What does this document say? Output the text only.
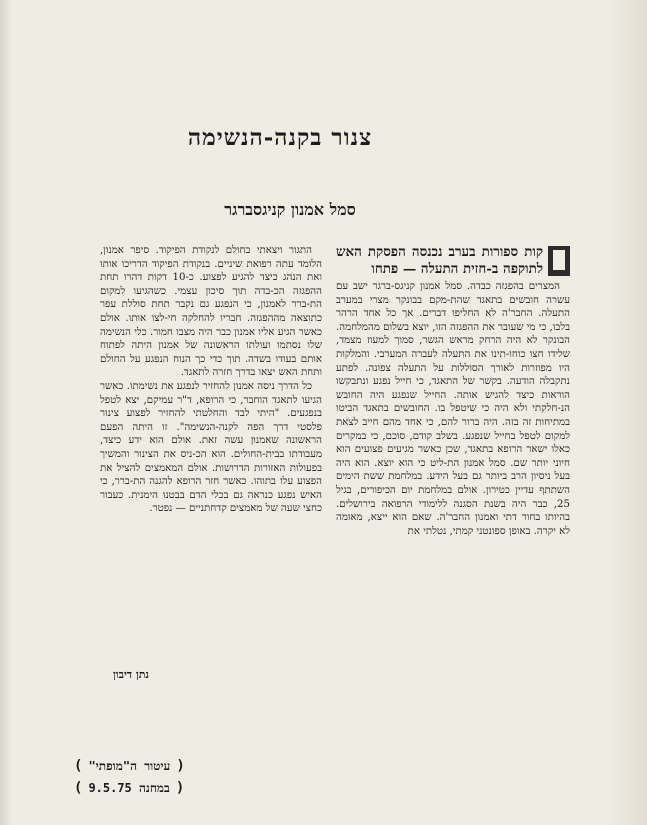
צנור בקנה-הנשימה
סמל אמנון קניגסברגר
קות ספורות בערב נכנסה הפסקת האש לתוקפה ב-חזית התעלה — פתחו

המצרים בהפגזה כבדה. סמל אמנון קניגס-ברגר ישב עם עשרה חובשים בתאגד שהת-מקם בבונקר מצרי במערב התעלה. החבר'ה לא החליפו דברים. אך כל אחד הרהר בלבו, כי מי שעובר את ההפגזה הזו, יוצא בשלום מהמלחמה. הבונקר לא היה הרחק מראש הגשר, סמוך למעוז מצמד, שלידו חצו כוחו-תינו את התעלה לעברה המערבי. והמלקות היו מפוזרות לאורך הסוללות על התעלה צפונה. לפתע נתקבלה הודעה. בקשר של התאגד, כי חייל נפגע ונתבקשו הוראות כיצד להגיש אותה. החייל שנפגע היה החובש הנ-חלקתי ולא היה כי שיטפל בו. החובשים בתאגד הביטו במתיחות זה בזה. היה ברור להם, כי אחד מהם חייב לצאת למקום לטפל בחייל שנפגע. בשלב קודם, סוכם, כי במקרים כאלו ישאר הרופא בתאגד, שכן כאשר מגיעים פצועים הוא חיוני יותר שם. סמל אמנון הת-ליט כי הוא יוצא. הוא היה בעל ניסיון הרב ביותר גם בעל הידע. במלחמת ששת הימים השתתף עדיין כטירון. אולם במלחמת יום הכיפורים, בגיל 25, כבר היה בשנת הסגנה ללימודי הרפואה בירושלים. בהיותו בחור דתי ואמנון החבר'ה. שאם הוא ייצא, מאומה לא יקרה. באופן ספונטני קמתי, נטלתי את

התגור ויצאתי בחולם לנקודת הפיקוד. סיפר אמנון, הלומד עתה רפואת שיניים. בנקודת הפיקוד הדריכו אותו ואת הנהג כיצד להגיע לפצוע. כ-10 דקות דהרו תחת ההפגזה הכ-בדה תוך סיכון עצמי. כשהגיעו למקום הת-ברר לאמנון, כי הנפגע גם נקבר תחת סוללת עפר כתוצאה מההפגזה. חבריו להחלקה חי-לצו אותו. אולם כאשר הגיע אליו אמנון כבר היה מצבו חמור. כלי הנשימה שלו נסתמו ועולתו הראשונה של אמנון היתה לפתוח אותם בעודו בשדה. תוך כדי כך הנוח הנפגע על החולם ותחת האש יצאו בדרך חזרה לתאגד.

כל הדרך ניסה אמנון להחזיר לנפגע את נשימתו. כאשר הגיעו לתאגד הוחבר, כי הרופא, ד"ר עמיקם, יצא לטפל בנפגעים. "היתי לבד והחלטתי להחזיר לפצוע צינור פלסטי דרך הפה לקנה-הנשימה". זו היתה הפעם הראשונה שאמנון עשה זאת. אולם הוא ידע כיצד, מעבודתו בבית-החולים. הוא הכ-ניס את הצינור והמשיך בפעולות האזורות הדרושות. אולם המאמצים להציל את הפצוע עלו בתוהו. כאשר חזר הרופא להגנה הת-ברר, כי האיש נפגע כנראה גם בכלי הדם בבטנו הימנית. כעבור כחצי שעה של מאמצים קדחתניים — נפטר.

נתן דיבון
( עיטור ה"מופתי" )
( במחנה 9.5.75 )
